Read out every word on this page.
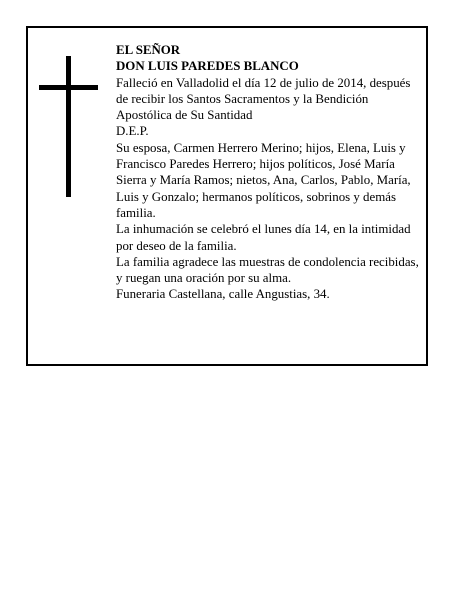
EL SEÑOR

DON LUIS PAREDES BLANCO

Falleció en Valladolid el día 12 de julio de 2014, después de recibir los Santos Sacramentos y la Bendición Apostólica de Su Santidad

D.E.P.

Su esposa, Carmen Herrero Merino; hijos, Elena, Luis y Francisco Paredes Herrero; hijos políticos, José María Sierra y María Ramos; nietos, Ana, Carlos, Pablo, María, Luis y Gonzalo; hermanos políticos, sobrinos y demás familia.

La inhumación se celebró el lunes día 14, en la intimidad por deseo de la familia.

La familia agradece las muestras de condolencia recibidas, y ruegan una oración por su alma.

Funeraria Castellana, calle Angustias, 34.
